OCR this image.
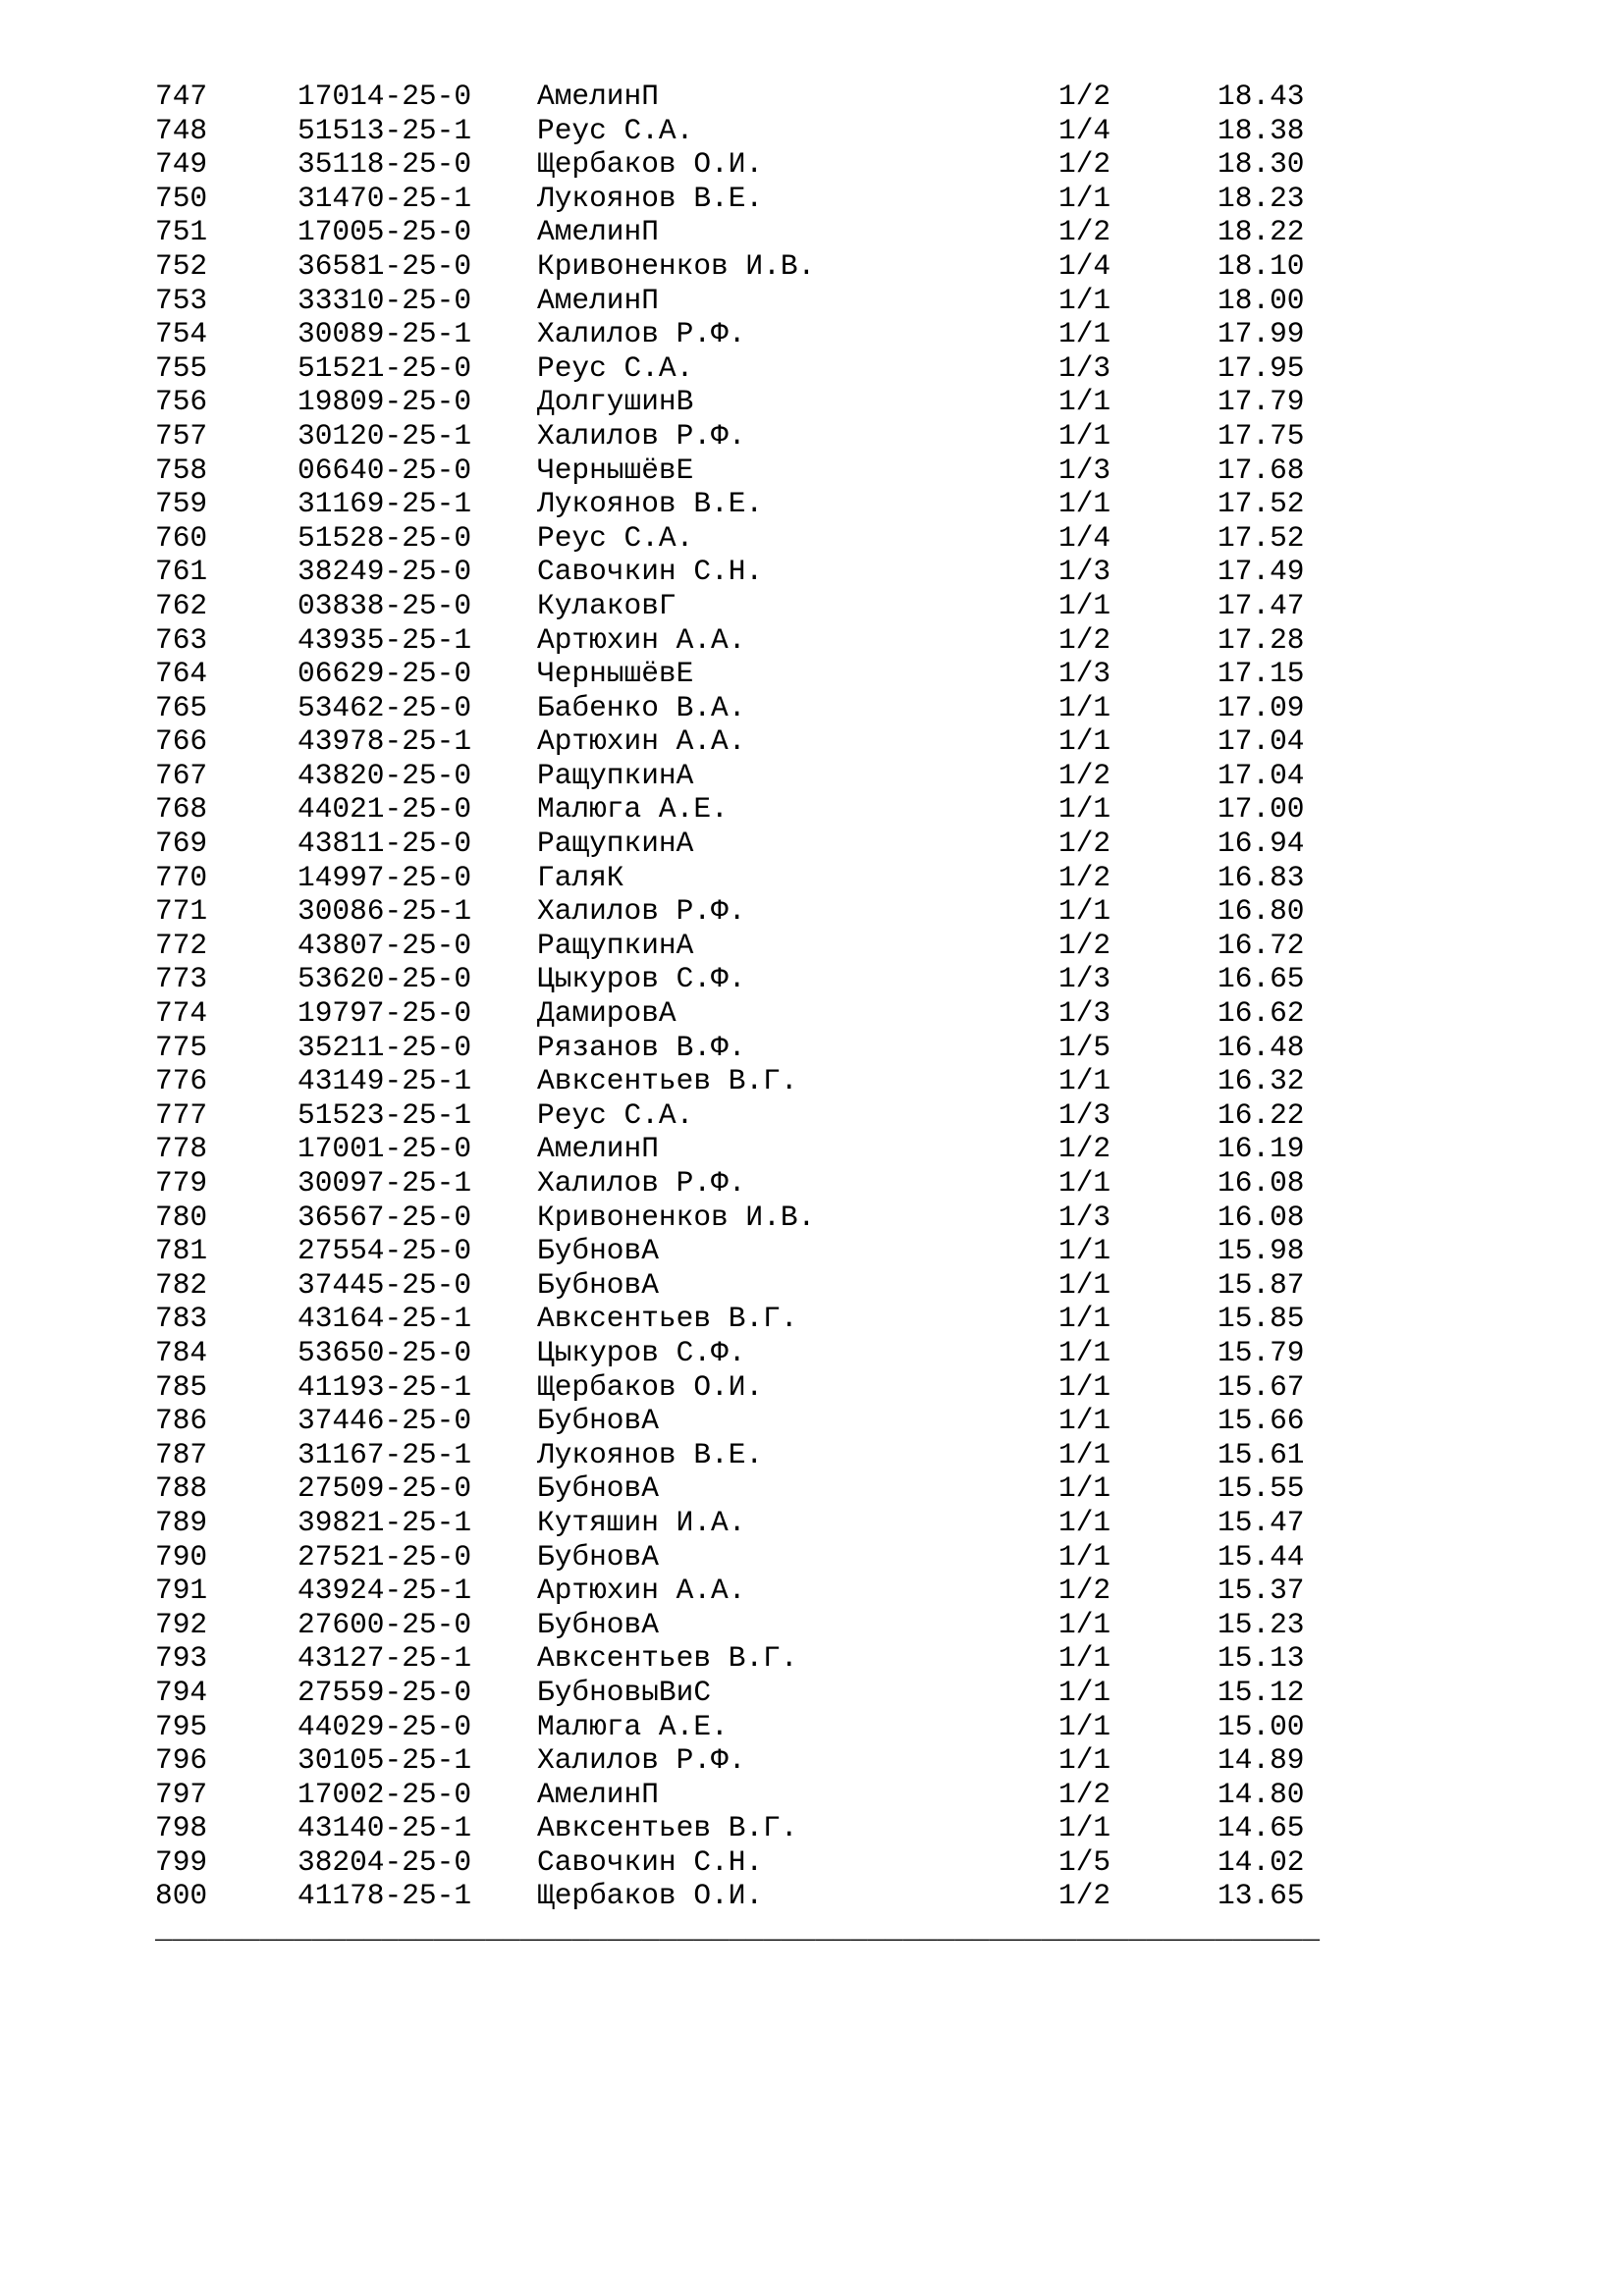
747	17014-25-0	АмелинП	1/2	18.43
748	51513-25-1	Реус С.А.	1/4	18.38
749	35118-25-0	Щербаков О.И.	1/2	18.30
750	31470-25-1	Лукоянов В.Е.	1/1	18.23
751	17005-25-0	АмелинП	1/2	18.22
752	36581-25-0	Кривоненков И.В.	1/4	18.10
753	33310-25-0	АмелинП	1/1	18.00
754	30089-25-1	Халилов Р.Ф.	1/1	17.99
755	51521-25-0	Реус С.А.	1/3	17.95
756	19809-25-0	ДолгушинВ	1/1	17.79
757	30120-25-1	Халилов Р.Ф.	1/1	17.75
758	06640-25-0	ЧернышёвЕ	1/3	17.68
759	31169-25-1	Лукоянов В.Е.	1/1	17.52
760	51528-25-0	Реус С.А.	1/4	17.52
761	38249-25-0	Савочкин С.Н.	1/3	17.49
762	03838-25-0	КулаковГ	1/1	17.47
763	43935-25-1	Артюхин А.А.	1/2	17.28
764	06629-25-0	ЧернышёвЕ	1/3	17.15
765	53462-25-0	Бабенко В.А.	1/1	17.09
766	43978-25-1	Артюхин А.А.	1/1	17.04
767	43820-25-0	РащупкинА	1/2	17.04
768	44021-25-0	Малюга А.Е.	1/1	17.00
769	43811-25-0	РащупкинА	1/2	16.94
770	14997-25-0	ГаляК	1/2	16.83
771	30086-25-1	Халилов Р.Ф.	1/1	16.80
772	43807-25-0	РащупкинА	1/2	16.72
773	53620-25-0	Цыкуров С.Ф.	1/3	16.65
774	19797-25-0	ДамировА	1/3	16.62
775	35211-25-0	Рязанов В.Ф.	1/5	16.48
776	43149-25-1	Авксентьев В.Г.	1/1	16.32
777	51523-25-1	Реус С.А.	1/3	16.22
778	17001-25-0	АмелинП	1/2	16.19
779	30097-25-1	Халилов Р.Ф.	1/1	16.08
780	36567-25-0	Кривоненков И.В.	1/3	16.08
781	27554-25-0	БубновА	1/1	15.98
782	37445-25-0	БубновА	1/1	15.87
783	43164-25-1	Авксентьев В.Г.	1/1	15.85
784	53650-25-0	Цыкуров С.Ф.	1/1	15.79
785	41193-25-1	Щербаков О.И.	1/1	15.67
786	37446-25-0	БубновА	1/1	15.66
787	31167-25-1	Лукоянов В.Е.	1/1	15.61
788	27509-25-0	БубновА	1/1	15.55
789	39821-25-1	Кутяшин И.А.	1/1	15.47
790	27521-25-0	БубновА	1/1	15.44
791	43924-25-1	Артюхин А.А.	1/2	15.37
792	27600-25-0	БубновА	1/1	15.23
793	43127-25-1	Авксентьев В.Г.	1/1	15.13
794	27559-25-0	БубновыВиС	1/1	15.12
795	44029-25-0	Малюга А.Е.	1/1	15.00
796	30105-25-1	Халилов Р.Ф.	1/1	14.89
797	17002-25-0	АмелинП	1/2	14.80
798	43140-25-1	Авксентьев В.Г.	1/1	14.65
799	38204-25-0	Савочкин С.Н.	1/5	14.02
800	41178-25-1	Щербаков О.И.	1/2	13.65
___________________________________________________________________
